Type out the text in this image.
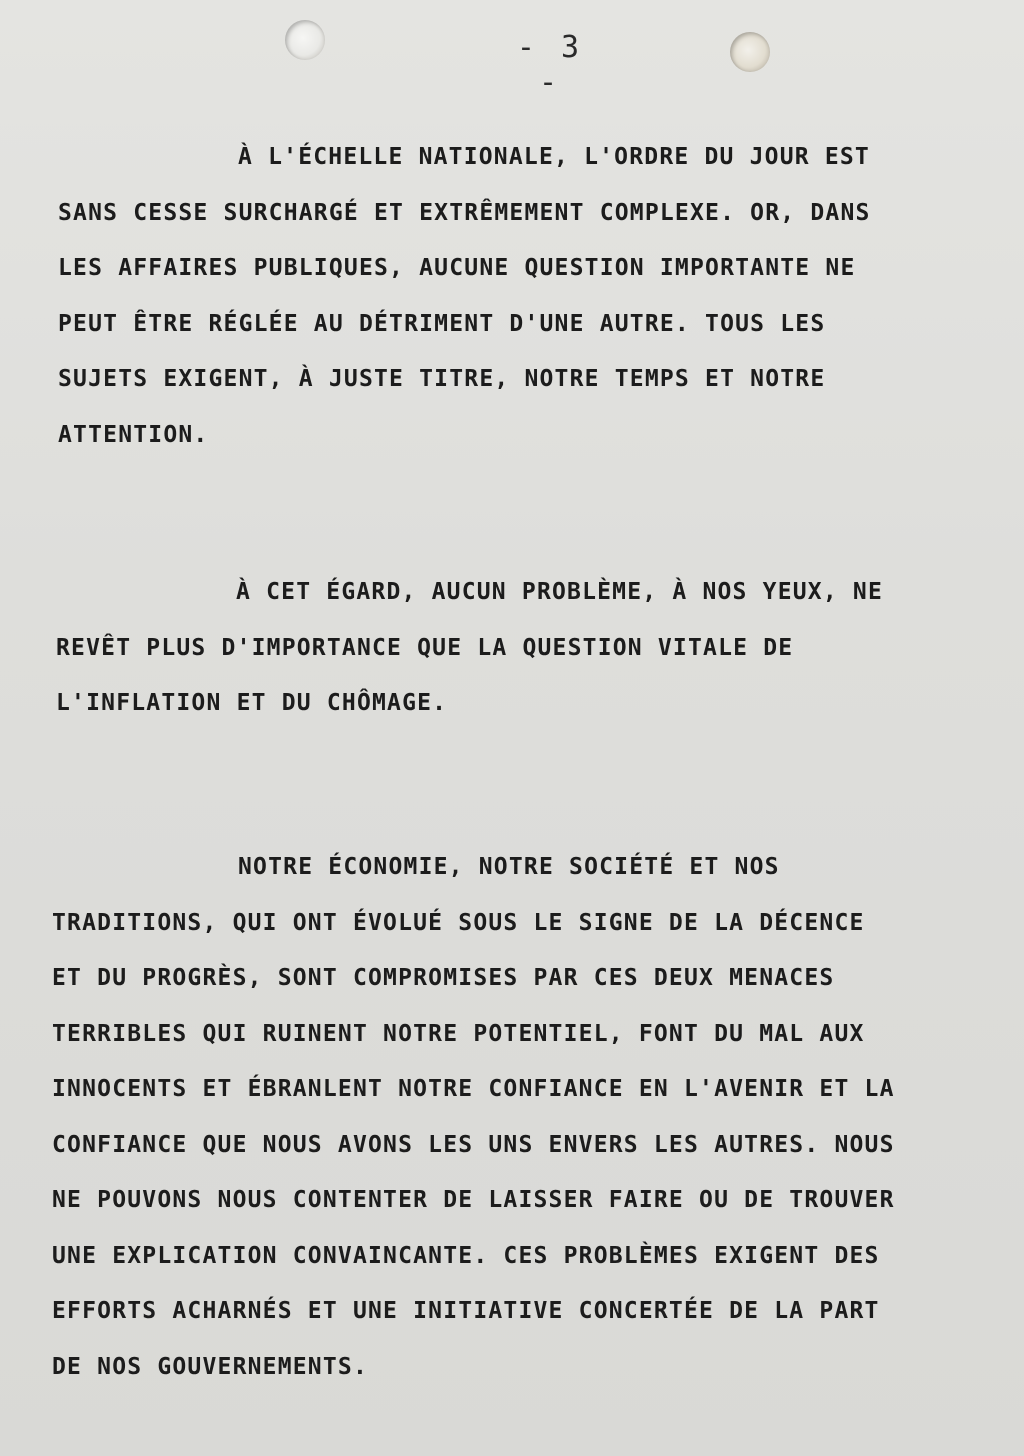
- 3 -

À L'ÉCHELLE NATIONALE, L'ORDRE DU JOUR EST
SANS CESSE SURCHARGÉ ET EXTRÊMEMENT COMPLEXE. OR, DANS
LES AFFAIRES PUBLIQUES, AUCUNE QUESTION IMPORTANTE NE
PEUT ÊTRE RÉGLÉE AU DÉTRIMENT D'UNE AUTRE. TOUS LES
SUJETS EXIGENT, À JUSTE TITRE, NOTRE TEMPS ET NOTRE
ATTENTION.

À CET ÉGARD, AUCUN PROBLÈME, À NOS YEUX, NE
REVÊT PLUS D'IMPORTANCE QUE LA QUESTION VITALE DE
L'INFLATION ET DU CHÔMAGE.

NOTRE ÉCONOMIE, NOTRE SOCIÉTÉ ET NOS
TRADITIONS, QUI ONT ÉVOLUÉ SOUS LE SIGNE DE LA DÉCENCE
ET DU PROGRÈS, SONT COMPROMISES PAR CES DEUX MENACES
TERRIBLES QUI RUINENT NOTRE POTENTIEL, FONT DU MAL AUX
INNOCENTS ET ÉBRANLENT NOTRE CONFIANCE EN L'AVENIR ET LA
CONFIANCE QUE NOUS AVONS LES UNS ENVERS LES AUTRES. NOUS
NE POUVONS NOUS CONTENTER DE LAISSER FAIRE OU DE TROUVER
UNE EXPLICATION CONVAINCANTE. CES PROBLÈMES EXIGENT DES
EFFORTS ACHARNÉS ET UNE INITIATIVE CONCERTÉE DE LA PART
DE NOS GOUVERNEMENTS.
